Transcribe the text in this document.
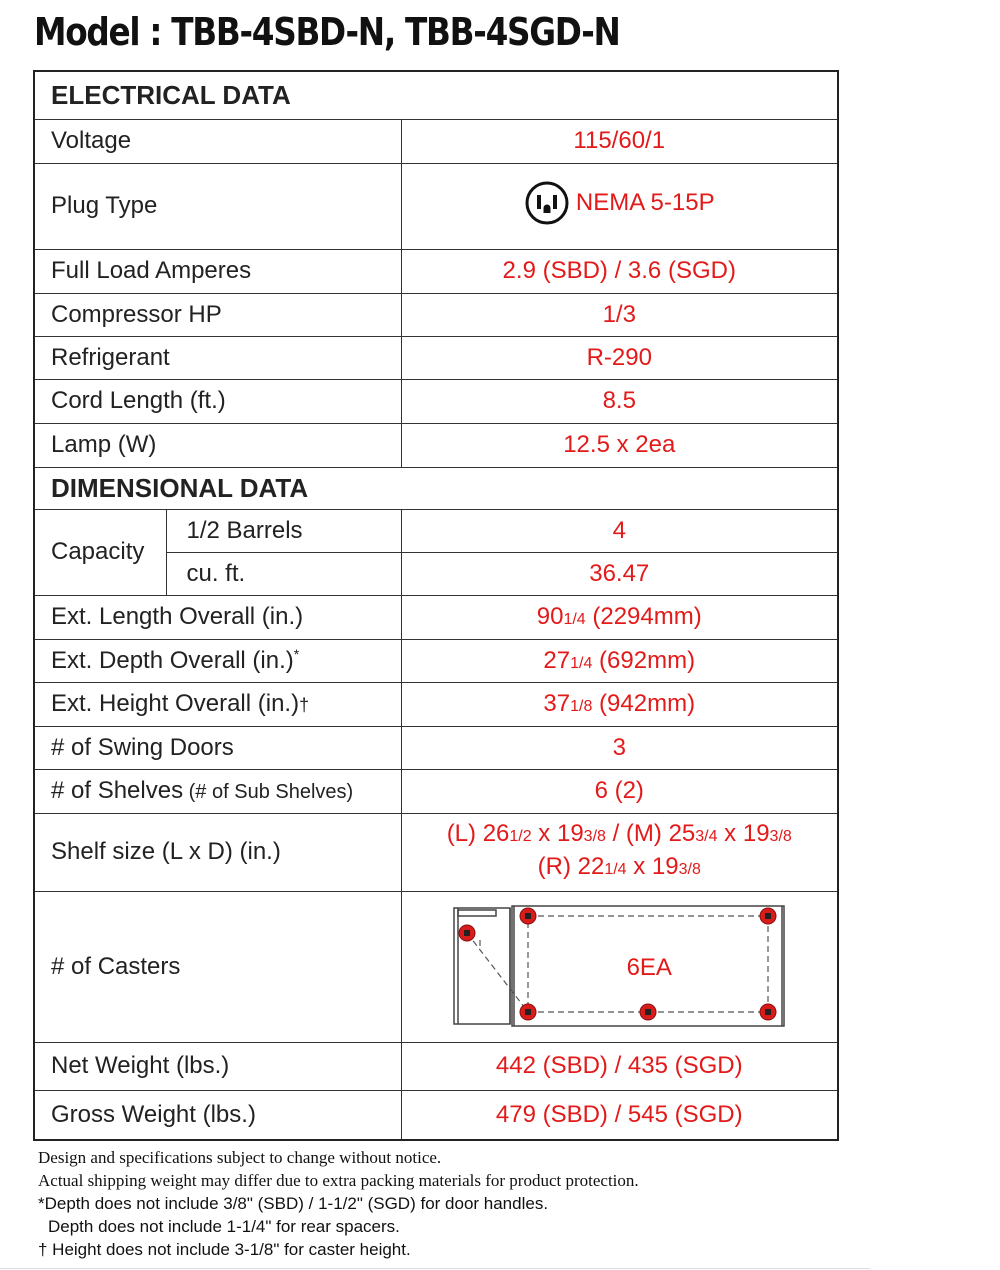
Model : TBB-4SBD-N, TBB-4SGD-N
ELECTRICAL DATA		
Voltage		115/60/1
Plug Type		NEMA 5-15P

Full Load Amperes		2.9 (SBD) / 3.6 (SGD)
Compressor HP		1/3
Refrigerant		R-290
Cord Length (ft.)		8.5
Lamp (W)		12.5 x 2ea
DIMENSIONAL DATA		
Capacity	1/2 Barrels	4
	cu. ft.	36.47
Ext. Length Overall (in.)		901/4 (2294mm)
Ext. Depth Overall (in.)*		271/4 (692mm)
Ext. Height Overall (in.)†		371/8 (942mm)
# of Swing Doors		3
# of Shelves (# of Sub Shelves)		6 (2)
Shelf size (L x D) (in.)		(L) 261/2 x 193/8 / (M) 253/4 x 193/8
(R) 221/4 x 193/8

# of Casters		6EA

Net Weight (lbs.)		442 (SBD) / 435 (SGD)
Gross Weight (lbs.)		479 (SBD) / 545 (SGD)
Design and specifications subject to change without notice.
Actual shipping weight may differ due to extra packing materials for product protection.
*Depth does not include 3/8" (SBD) / 1-1/2" (SGD) for door handles.
Depth does not include 1-1/4" for rear spacers.
† Height does not include 3-1/8" for caster height.
